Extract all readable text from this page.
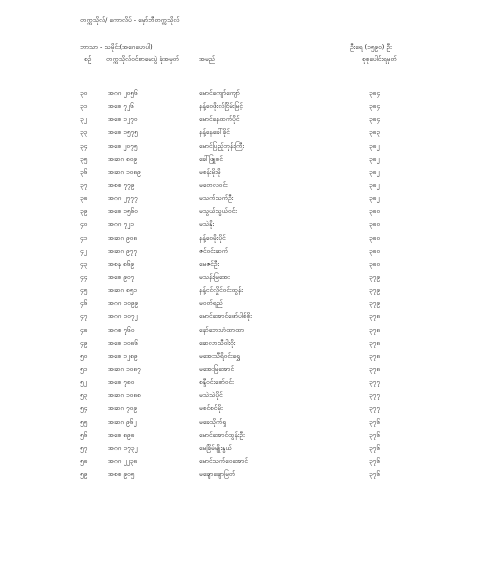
တက္ကသိုလ်/ ကောလိပ် - မှော်ဘီတက္ကသိုလ်
ဘာသာ - သမိုင်း(အဂေဟေပါ)	ဦးရေ (၁၅၉၀) ဦး
စဉ် တက္ကသိုလ်ဝင်စာမေးပွဲ ခုံအမှတ်	အမည်	စုစုပေါင်းရမှတ်
၃၀	အဂဂ ၂၀၅၆	မောင်ကျော်ကျော်	၃၈၄
၃၁	အစေ ၇၂၆	နန့်ဝေဖိုးလ်ငြိမ်းမြင့်	၃၈၄
၃၂	အစေ ၁၂၇၀	မောင်နေထက်ပိုင်	၃၈၄
၃၃	အစေ ၁၅၇၅	နန့်နေခေါ်ခိုင်	၃၈၃
၃၄	အစေ ၂၀၇၅	မောင်ပြည့်ဘုန်းကြီး	၃၈၂
၃၅	အဆဂ ၈၀၉	ခေါ်ဖြူစင်	၃၈၂
၃၆	အဆဂ ၁၀၈၉	မစန်းမိုးမို	၃၈၂
၃၇	အစစ ၇၇၉	မတေလဝင်း	၃၈၂
၃၈	အဂဂ ၂၇၇၇	မသက်သက်ဦး	၃၈၂
၃၉	အစေ ၁၅၆၀	မသွယ်သွယ်ဝင်း	၃၈၀
၄၀	အဂဂ ၇၂၁	မသဲနိုး	၃၈၀
၄၁	အဆဂ ၉၀၈	နန့်ဝေမိုးပိုင်	၃၈၀
၄၂	အဆဂ ၉၇၇	ဇင်ဝင်းဆက်	၃၈၀
၄၃	အစန ၈၆၉	မေဇင်ဦး	၃၈၀
၄၄	အစေ ၉၀၇	မသန်းမြအေး	၃၇၉
၄၅	အဆဂ ၈၅၁	နန့်ငင်လှိုင်ဝင်းထွန်း	၃၇၉
၄၆	အဂဂ ၁၀၉၉	မဝတ်ရည်	၃၇၉
၄၇	အဂဂ ၁၀၇၂	မောင်အောင်ဖော်ပါစ်စိုး	၃၇၈
၄၈	အဂစ ၇၆၀	နော်ဘေးဟံထာထာ	၃၇၈
၄၉	အစေ ၁၀၈၆	ဆေလာသီဝါးဝိုး	၃၇၈
၅၀	အစေ ၁၂၈၉	မအေးသီရိဝင်းရွှေ	၃၇၈
၅၁	အဆဂ ၁၀၈၇	မအေးမြအောင်	၃၇၈
၅၂	အစေ ၇၈၀	စန္ဒီဝင်းစော်ဝင်း	၃၇၇
၅၃	အဆဂ ၁၀၈၈	မသဲသဲပိုင်	၃၇၇
၅၄	အဆဂ ၇၀၉	မစင်စင်မိုး	၃၇၇
၅၅	အဆဂ ၉၆၂	မခေသိုက်ရှ	၃၇၆
၅၆	အစေ ၈၉၈	မောင်အောင်ထွန်းဦး	၃၇၆
၅၇	အဂဂ ၁၇၃၂	မေခြိမ်မျိုးနွယ်	၃၇၆
၅၈	အဂဂ ၂၂၃၈	မောင်သက်ဝေအောင်	၃၇၆
၅၉	အစစ ၉၀၅	မချောချောမြတ်	၃၇၆
